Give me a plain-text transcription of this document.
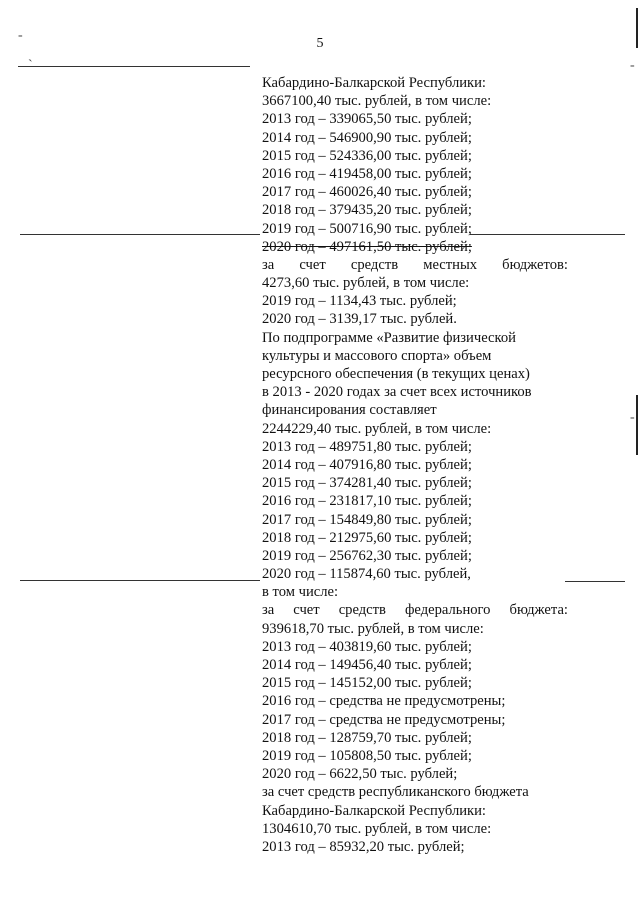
5
-
`	-
-
Кабардино-Балкарской Республики:
3667100,40 тыс. рублей, в том числе:
2013 год – 339065,50 тыс. рублей;
2014 год – 546900,90 тыс. рублей;
2015 год – 524336,00 тыс. рублей;
2016 год – 419458,00 тыс. рублей;
2017 год – 460026,40 тыс. рублей;
2018 год – 379435,20 тыс. рублей;
2019 год – 500716,90 тыс. рублей;
2020 год – 497161,50 тыс. рублей;
за счет средств местных бюджетов:
4273,60 тыс. рублей, в том числе:
2019 год – 1134,43 тыс. рублей;
2020 год – 3139,17 тыс. рублей.
По подпрограмме «Развитие физической
культуры и массового спорта» объем
ресурсного обеспечения (в текущих ценах)
в 2013 - 2020 годах за счет всех источников
финансирования составляет
2244229,40 тыс. рублей, в том числе:
2013 год – 489751,80 тыс. рублей;
2014 год – 407916,80 тыс. рублей;
2015 год – 374281,40 тыс. рублей;
2016 год – 231817,10 тыс. рублей;
2017 год – 154849,80 тыс. рублей;
2018 год – 212975,60 тыс. рублей;
2019 год – 256762,30 тыс. рублей;
2020 год – 115874,60 тыс. рублей,
в том числе:
за счет средств федерального бюджета:
939618,70 тыс. рублей, в том числе:
2013 год – 403819,60 тыс. рублей;
2014 год – 149456,40 тыс. рублей;
2015 год – 145152,00 тыс. рублей;
2016 год – средства не предусмотрены;
2017 год – средства не предусмотрены;
2018 год – 128759,70 тыс. рублей;
2019 год – 105808,50 тыс. рублей;
2020 год – 6622,50 тыс. рублей;
за счет средств республиканского бюджета
Кабардино-Балкарской Республики:
1304610,70 тыс. рублей, в том числе:
2013 год – 85932,20 тыс. рублей;
